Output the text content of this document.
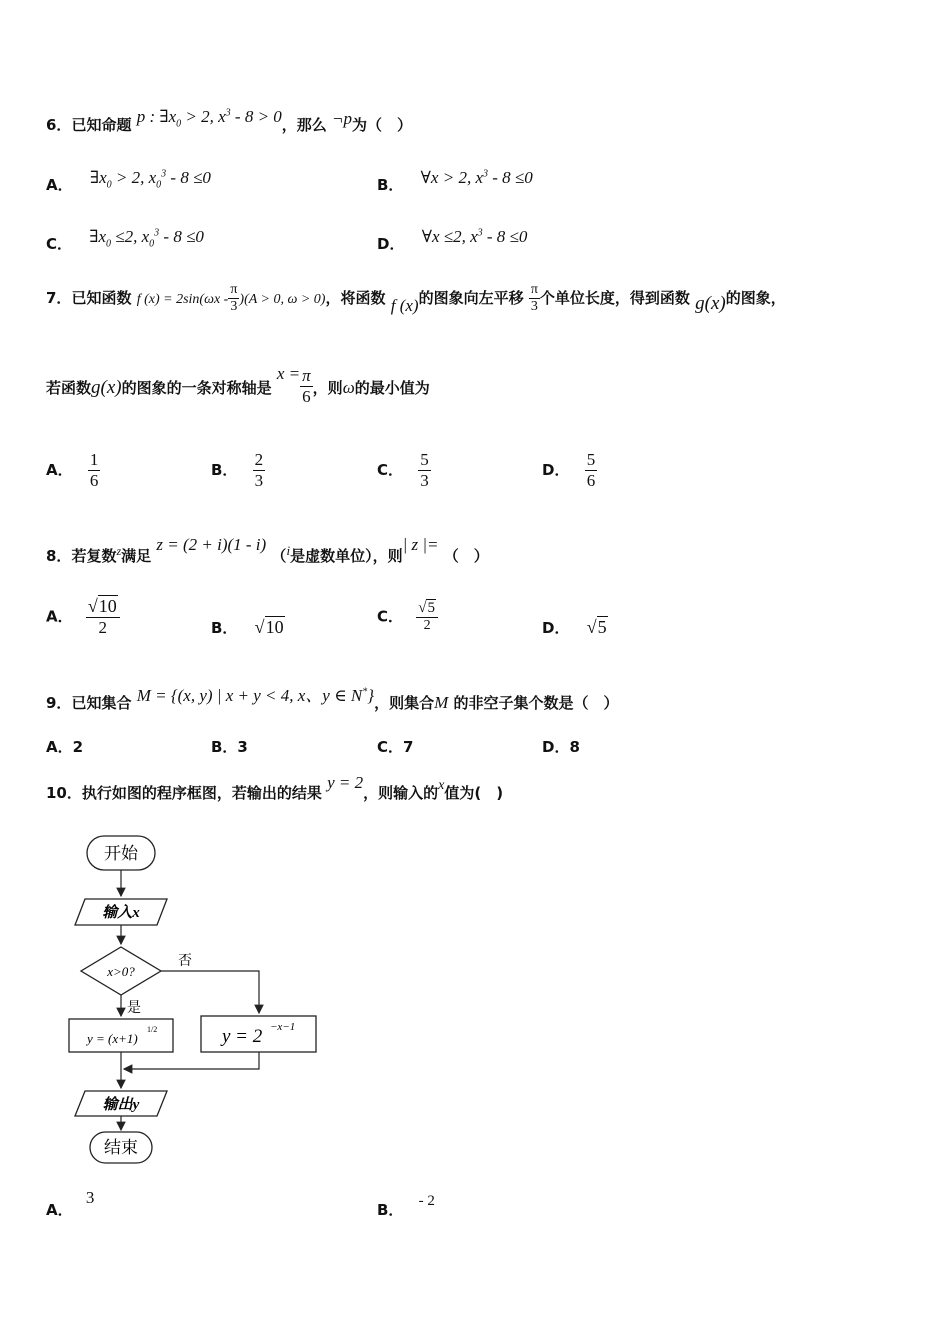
6．已知命题 p : $\exists x_0 > 2$, $x^3 - 8 > 0$，那么 ¬p为（　）
A． $\exists x_0 > 2$, $x_0^3 - 8 \le 0$	B． ∀x > 2, $x^3 - 8 \le 0$
C． $\exists x_0 \le 2$, $x_0^3 - 8 \le 0$	D． ∀x ≤2, $x^3 - 8 \le 0$
7．已知函数 f $(x) = 2\sin(\omega x - \frac{\pi}{3} )(A > 0$, ω > 0)，将函数 f (x)的图象向左平移 $\frac{\pi}{3}$ 个单位长度，得到函数 g(x)的图象，
若函数g(x)的图象的一条对称轴是 $x = \frac{\pi}{6}$ ，则ω的最小值为
A． $\frac{1}{6}$	B． $\frac{2}{3}$	C． $\frac{5}{3}$	D． $\frac{5}{6}$
8．若复数$^z$满足 z = (2 + i)(1 - i) （i是虚数单位），则| z |= （　）
A． $\frac{√10}{2}$	B． √10
C． $\frac{√5}{2}$	D． √5
9．已知集合 M = {(x, y) | x + y < 4, x、y ∈ N*}，则集合M 的非空子集个数是（　）
A．2	B．3	C．7	D．8
10．执行如图的程序框图，若输出的结果 y = 2，则输入的x值为(　)
开始
输入x
x>0?
否
是
y = (x+1)
1/2	y = 2 −x−1
输出y
结束
A． 3
B． - 2
